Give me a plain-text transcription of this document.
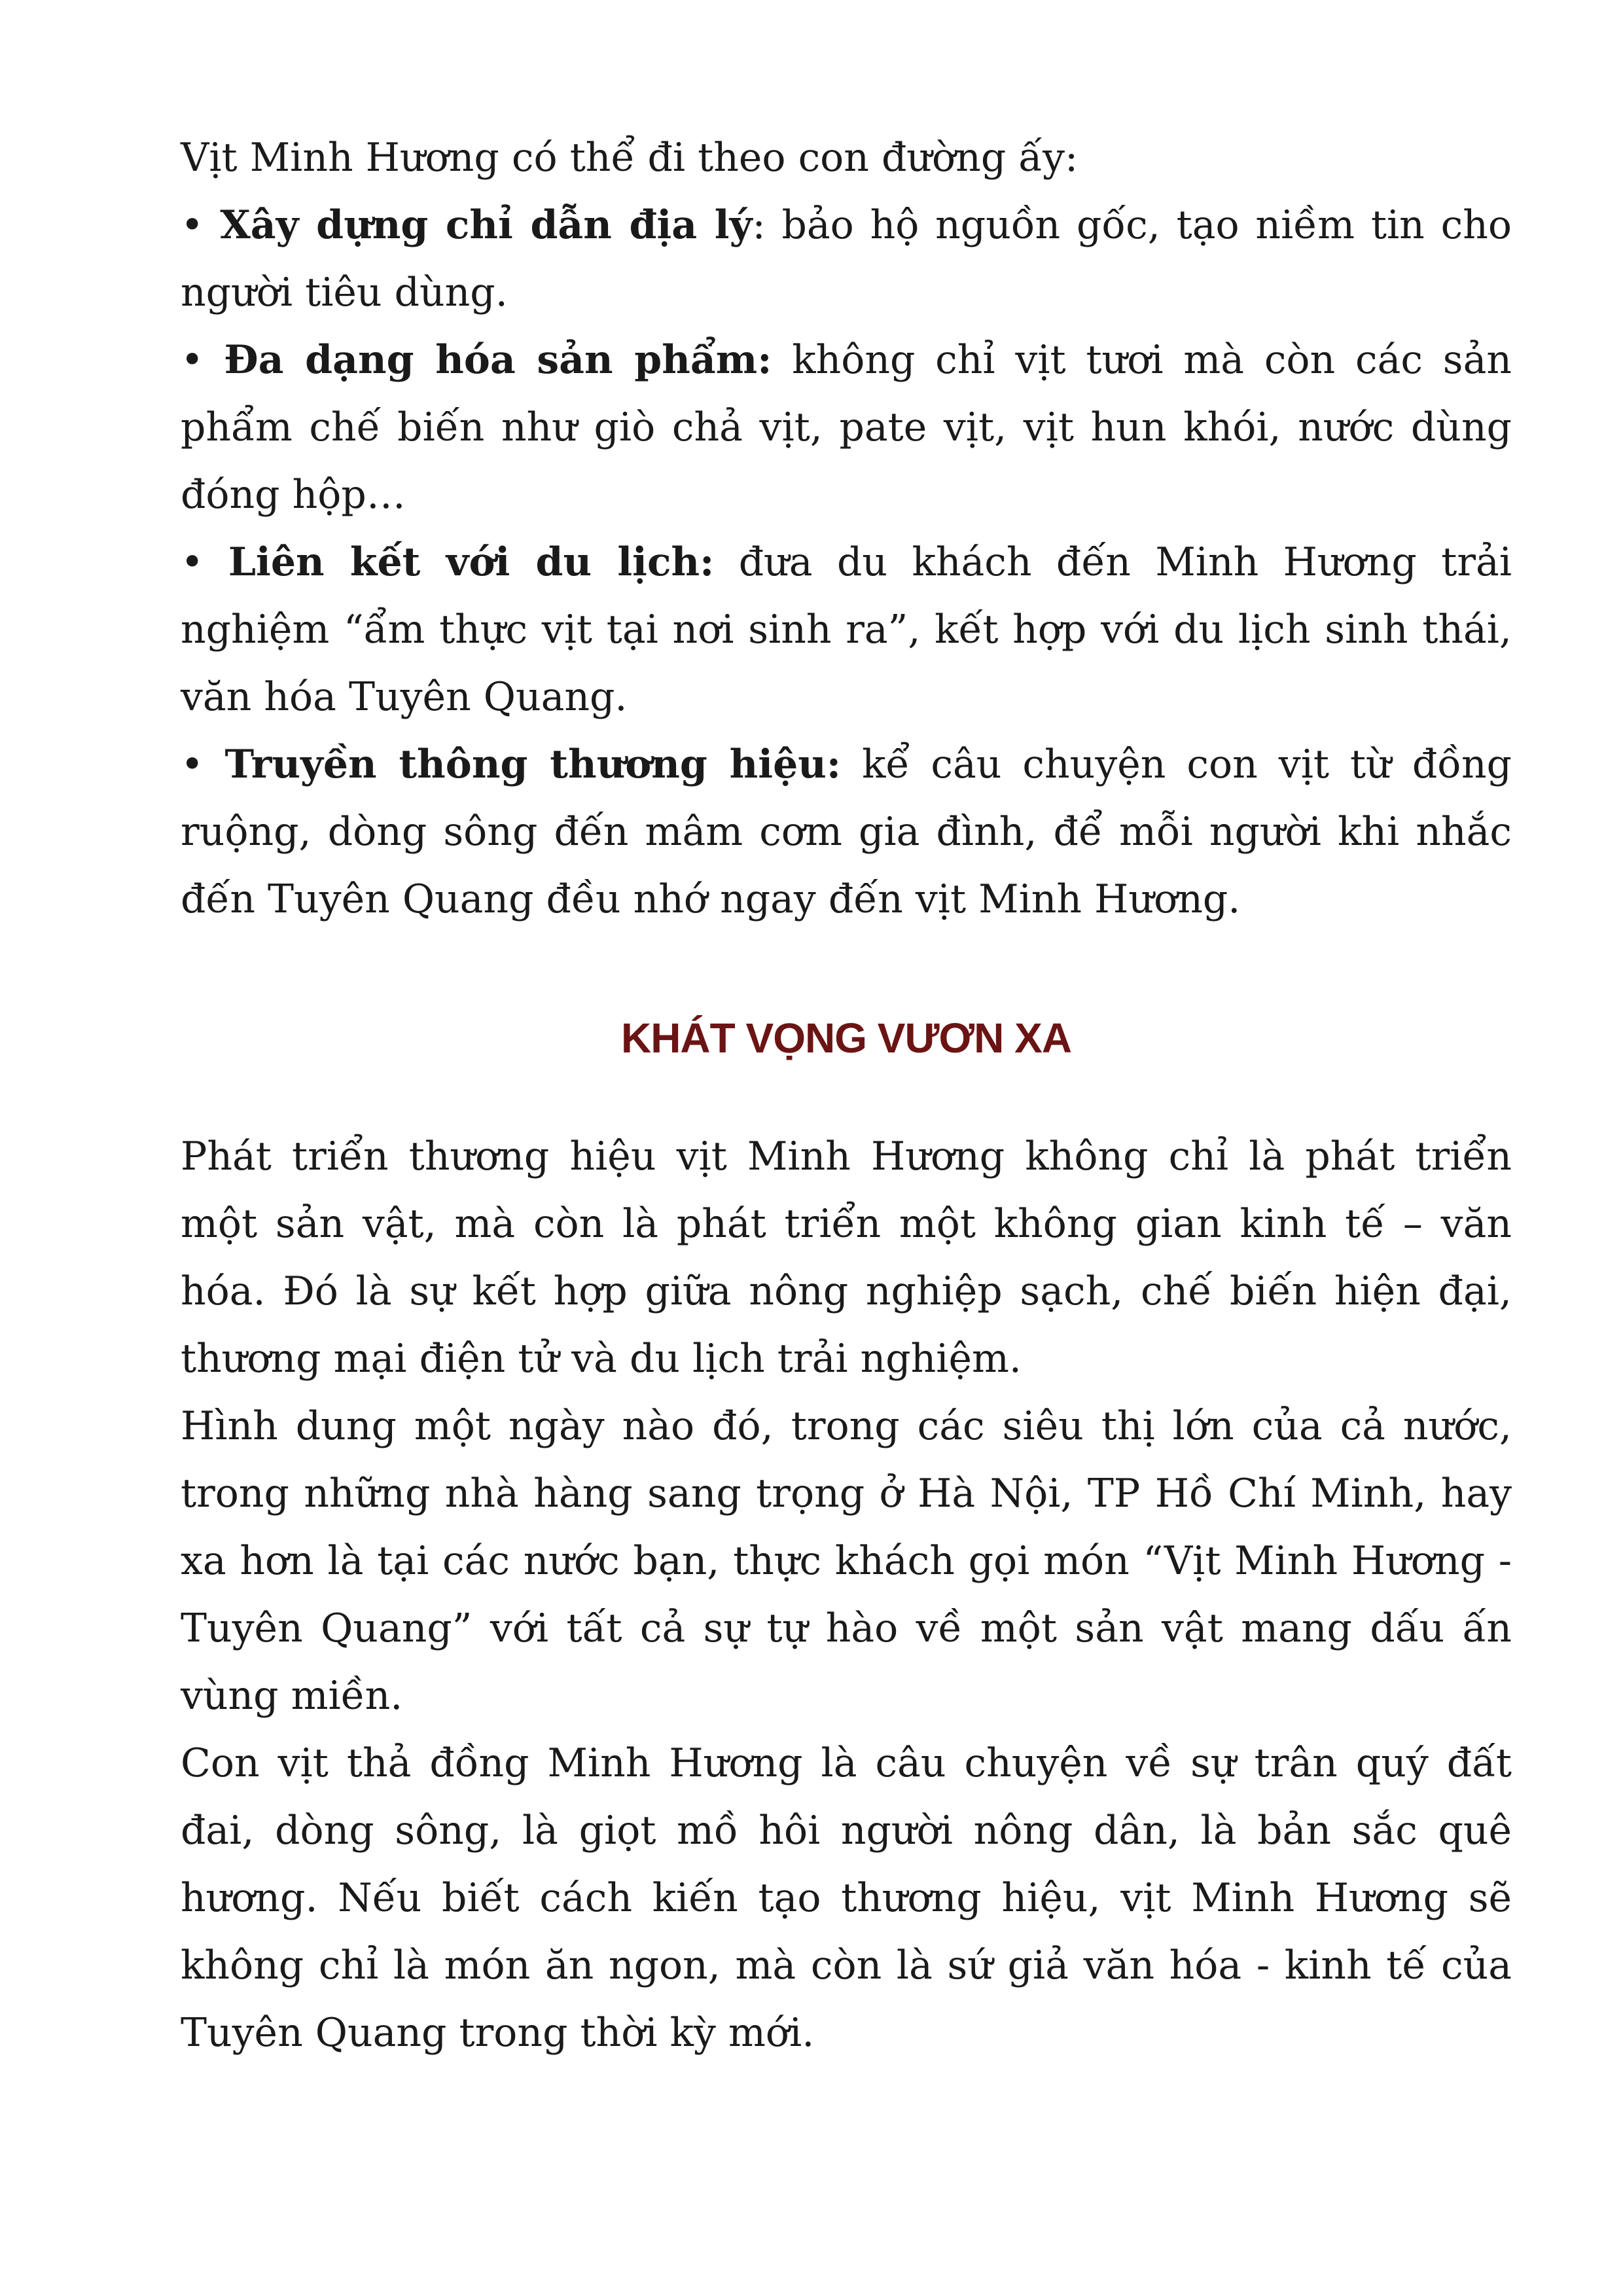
Vịt Minh Hương có thể đi theo con đường ấy:

• Xây dựng chỉ dẫn địa lý: bảo hộ nguồn gốc, tạo niềm tin cho người tiêu dùng.

• Đa dạng hóa sản phẩm: không chỉ vịt tươi mà còn các sản phẩm chế biến như giò chả vịt, pate vịt, vịt hun khói, nước dùng đóng hộp…

• Liên kết với du lịch: đưa du khách đến Minh Hương trải nghiệm “ẩm thực vịt tại nơi sinh ra”, kết hợp với du lịch sinh thái, văn hóa Tuyên Quang.

• Truyền thông thương hiệu: kể câu chuyện con vịt từ đồng ruộng, dòng sông đến mâm cơm gia đình, để mỗi người khi nhắc đến Tuyên Quang đều nhớ ngay đến vịt Minh Hương.

KHÁT VỌNG VƯƠN XA

Phát triển thương hiệu vịt Minh Hương không chỉ là phát triển một sản vật, mà còn là phát triển một không gian kinh tế – văn hóa. Đó là sự kết hợp giữa nông nghiệp sạch, chế biến hiện đại, thương mại điện tử và du lịch trải nghiệm.

Hình dung một ngày nào đó, trong các siêu thị lớn của cả nước, trong những nhà hàng sang trọng ở Hà Nội, TP Hồ Chí Minh, hay xa hơn là tại các nước bạn, thực khách gọi món “Vịt Minh Hương - Tuyên Quang” với tất cả sự tự hào về một sản vật mang dấu ấn vùng miền.

Con vịt thả đồng Minh Hương là câu chuyện về sự trân quý đất đai, dòng sông, là giọt mồ hôi người nông dân, là bản sắc quê hương. Nếu biết cách kiến tạo thương hiệu, vịt Minh Hương sẽ không chỉ là món ăn ngon, mà còn là sứ giả văn hóa - kinh tế của Tuyên Quang trong thời kỳ mới.
